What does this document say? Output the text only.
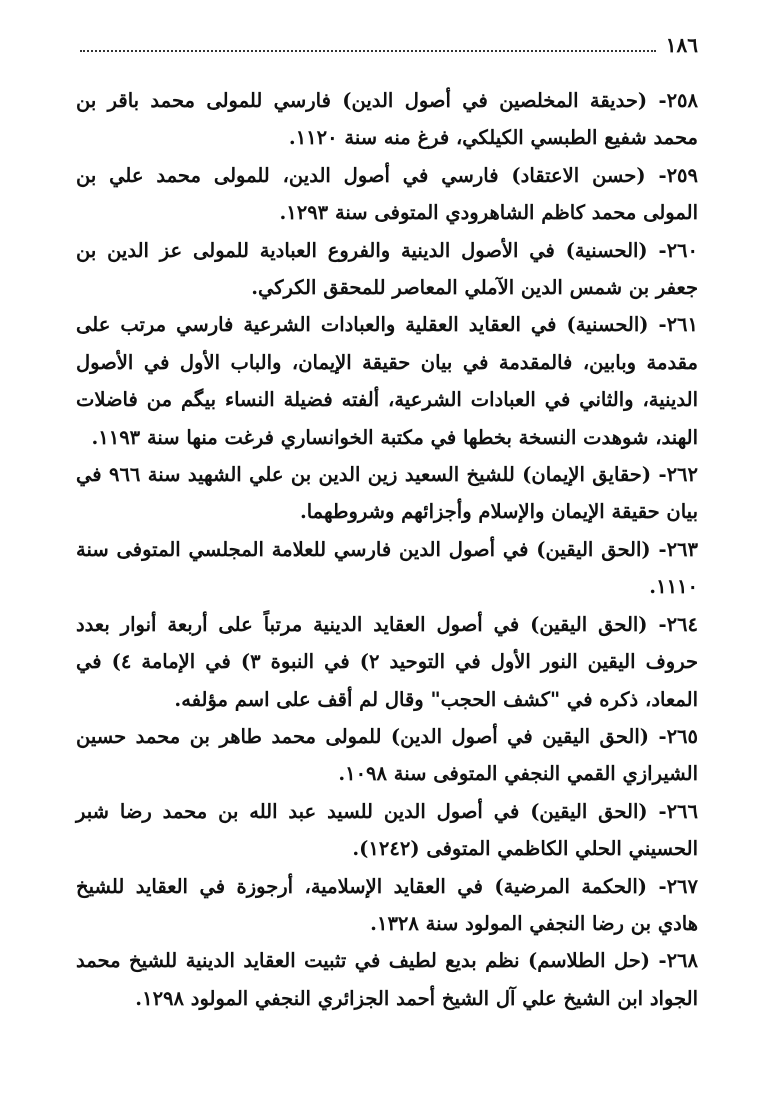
١٨٦

٢٥٨- (حديقة المخلصين في أصول الدين) فارسي للمولى محمد باقر بن محمد شفيع الطبسي الكيلكي، فرغ منه سنة ١١٢٠.

٢٥٩- (حسن الاعتقاد) فارسي في أصول الدين، للمولى محمد علي بن المولى محمد كاظم الشاهرودي المتوفى سنة ١٢٩٣.

٢٦٠- (الحسنية) في الأصول الدينية والفروع العبادية للمولى عز الدين بن جعفر بن شمس الدين الآملي المعاصر للمحقق الكركي.

٢٦١- (الحسنية) في العقايد العقلية والعبادات الشرعية فارسي مرتب على مقدمة وبابين، فالمقدمة في بيان حقيقة الإيمان، والباب الأول في الأصول الدينية، والثاني في العبادات الشرعية، ألفته فضيلة النساء بيگم من فاضلات الهند، شوهدت النسخة بخطها في مكتبة الخوانساري فرغت منها سنة ١١٩٣.

٢٦٢- (حقايق الإيمان) للشيخ السعيد زين الدين بن علي الشهيد سنة ٩٦٦ في بيان حقيقة الإيمان والإسلام وأجزائهم وشروطهما.

٢٦٣- (الحق اليقين) في أصول الدين فارسي للعلامة المجلسي المتوفى سنة ١١١٠.

٢٦٤- (الحق اليقين) في أصول العقايد الدينية مرتباً على أربعة أنوار بعدد حروف اليقين النور الأول في التوحيد ٢) في النبوة ٣) في الإمامة ٤) في المعاد، ذكره في "كشف الحجب" وقال لم أقف على اسم مؤلفه.

٢٦٥- (الحق اليقين في أصول الدين) للمولى محمد طاهر بن محمد حسين الشيرازي القمي النجفي المتوفى سنة ١٠٩٨.

٢٦٦- (الحق اليقين) في أصول الدين للسيد عبد الله بن محمد رضا شبر الحسيني الحلي الكاظمي المتوفى (١٢٤٢).

٢٦٧- (الحكمة المرضية) في العقايد الإسلامية، أرجوزة في العقايد للشيخ هادي بن رضا النجفي المولود سنة ١٣٢٨.

٢٦٨- (حل الطلاسم) نظم بديع لطيف في تثبيت العقايد الدينية للشيخ محمد الجواد ابن الشيخ علي آل الشيخ أحمد الجزائري النجفي المولود ١٢٩٨.
